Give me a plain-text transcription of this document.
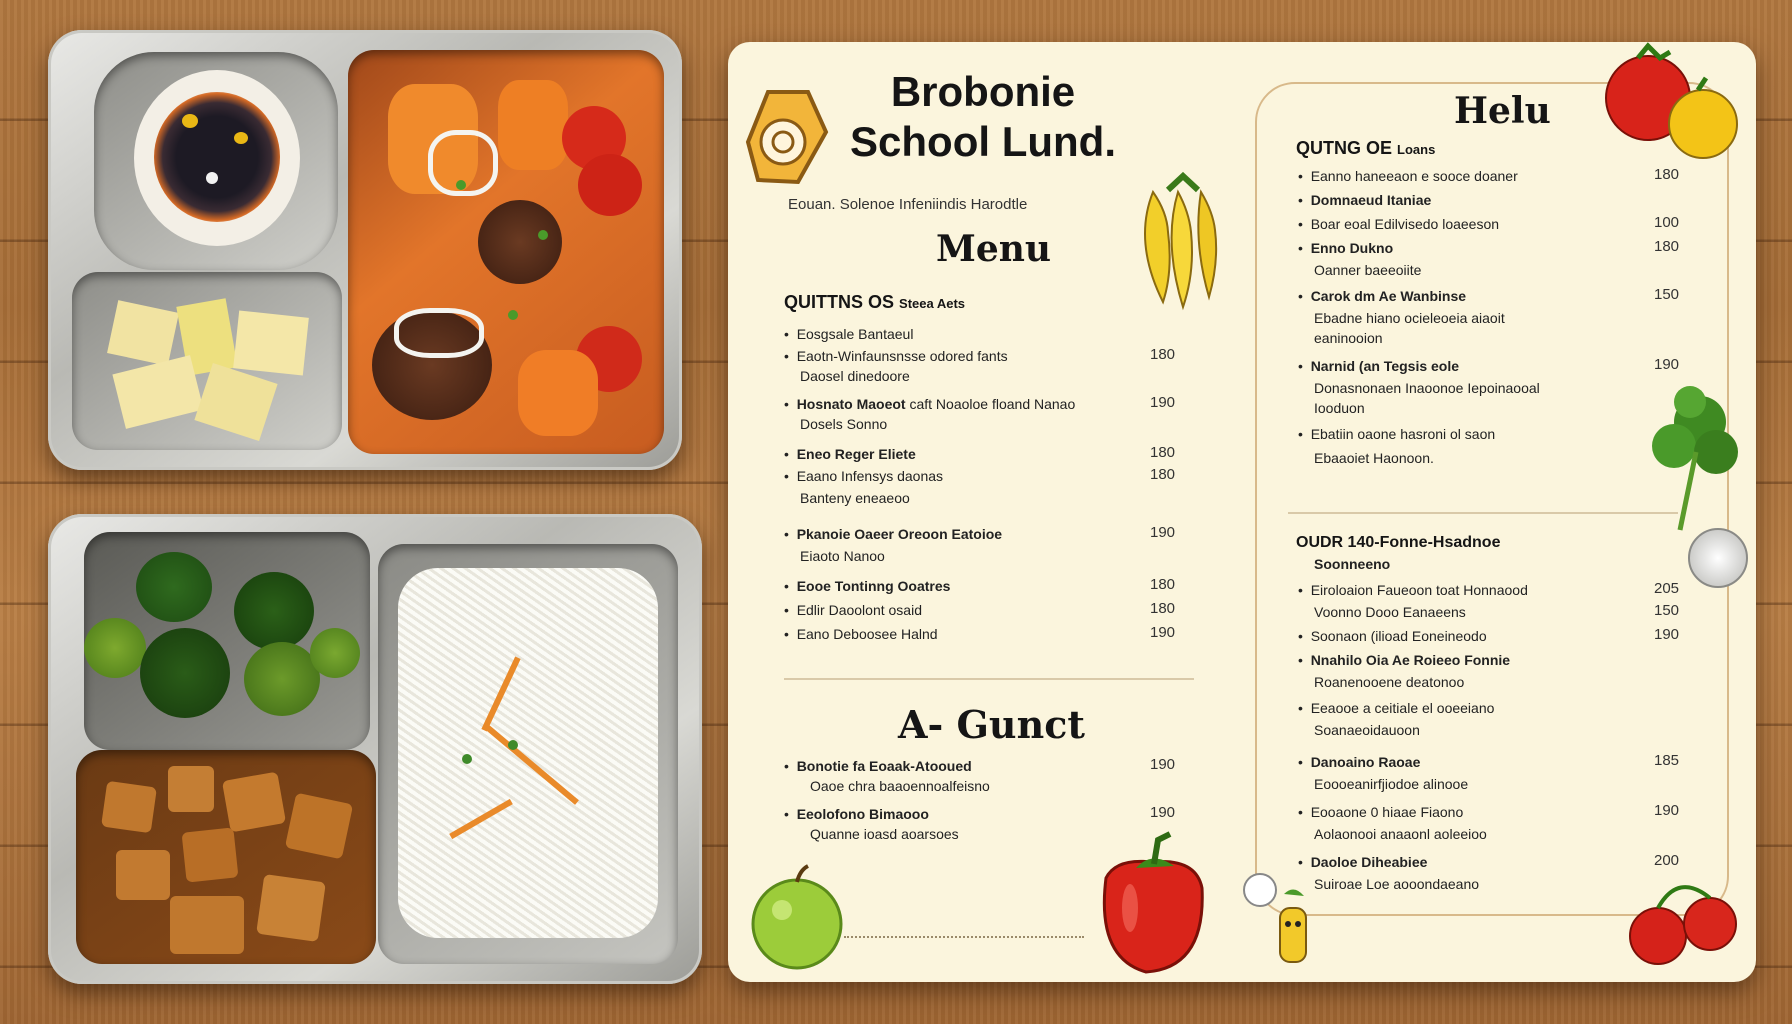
Brobonie
School Lund.
Eouan. Solenoe Infeniindis Harodtle
Menu
QUITTNS OS Steea Aets
•  Eosgsale Bantaeul
•  Eaotn-Winfaunsnsse odored fants	180
Daosel dinedoore
•  Hosnato Maoeot caft Noaoloe floand Nanao	190
Dosels Sonno
•  Eneo Reger Eliete	180
•  Eaano Infensys daonas	180
Banteny eneaeoo
•  Pkanoie Oaeer Oreoon Eatoioe	190
Eiaoto Nanoo
•  Eooe Tontinng Ooatres	180
•  Edlir Daoolont osaid	180
•  Eano Deboosee Halnd	190
A- Gunct
•  Bonotie fa Eoaak-Atooued	190
Oaoe chra baaoennoalfeisno
•  Eeolofono Bimaooo	190
Quanne ioasd aoarsoes
Helu
QUTNG OE Loans
•  Eanno haneeaon e sooce doaner	180
•  Domnaeud Itaniae
•  Boar eoal Edilvisedo loaeeson	100
•  Enno Dukno	180
Oanner baeeoiite
•  Carok dm Ae Wanbinse	150
Ebadne hiano ocieleoeia aiaoit
eaninooion
•  Narnid (an Tegsis eole	190
Donasnonaen Inaoonoe Iepoinaooal
Iooduon
•  Ebatiin oaone hasroni ol saon
Ebaaoiet Haonoon.
OUDR 140-Fonne-Hsadnoe
Soonneeno
•  Eiroloaion Faueoon toat Honnaood	205
Voonno Dooo Eanaeens	150
•  Soonaon (ilioad Eoneineodo	190
•  Nnahilo Oia Ae Roieeo Fonnie
Roanenooene deatonoo
•  Eeaooe a ceitiale el ooeeiano
Soanaeoidauoon
•  Danoaino Raoae	185
Eoooeanirfjiodoe alinooe
•  Eooaone 0 hiaae Fiaono	190
Aolaonooi anaaonl aoleeioo
•  Daoloe Diheabiee	200
Suiroae Loe aooondaeano
